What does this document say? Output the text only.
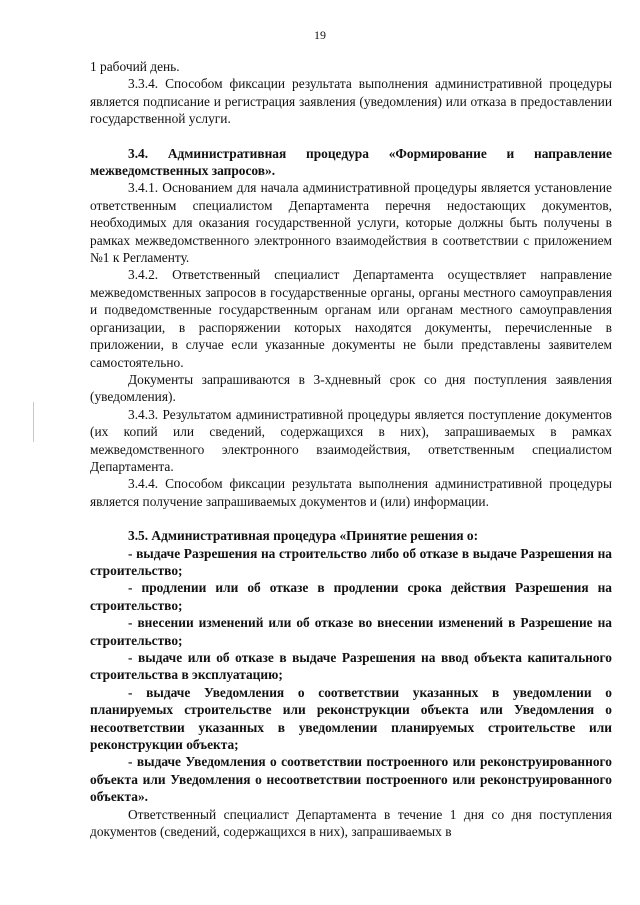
19

1 рабочий день.

3.3.4. Способом фиксации результата выполнения административной процедуры является подписание и регистрация заявления (уведомления) или отказа в предоставлении государственной услуги.

3.4. Административная процедура «Формирование и направление межведомственных запросов».

3.4.1. Основанием для начала административной процедуры является установление ответственным специалистом Департамента перечня недостающих документов, необходимых для оказания государственной услуги, которые должны быть получены в рамках межведомственного электронного взаимодействия в соответствии с приложением №1 к Регламенту.

3.4.2. Ответственный специалист Департамента осуществляет направление межведомственных запросов в государственные органы, органы местного самоуправления и подведомственные государственным органам или органам местного самоуправления организации, в распоряжении которых находятся документы, перечисленные в приложении, в случае если указанные документы не были представлены заявителем самостоятельно.

Документы запрашиваются в 3-хдневный срок со дня поступления заявления (уведомления).

3.4.3. Результатом административной процедуры является поступление документов (их копий или сведений, содержащихся в них), запрашиваемых в рамках межведомственного электронного взаимодействия, ответственным специалистом Департамента.

3.4.4. Способом фиксации результата выполнения административной процедуры является получение запрашиваемых документов и (или) информации.

3.5. Административная процедура «Принятие решения о:

- выдаче Разрешения на строительство либо об отказе в выдаче Разрешения на строительство;

- продлении или об отказе в продлении срока действия Разрешения на строительство;

- внесении изменений или об отказе во внесении изменений в Разрешение на строительство;

- выдаче или об отказе в выдаче Разрешения на ввод объекта капитального строительства в эксплуатацию;

- выдаче Уведомления о соответствии указанных в уведомлении о планируемых строительстве или реконструкции объекта или Уведомления о несоответствии указанных в уведомлении планируемых строительстве или реконструкции объекта;

- выдаче Уведомления о соответствии построенного или реконструированного объекта или Уведомления о несоответствии построенного или реконструированного объекта».

Ответственный специалист Департамента в течение 1 дня со дня поступления документов (сведений, содержащихся в них), запрашиваемых в
